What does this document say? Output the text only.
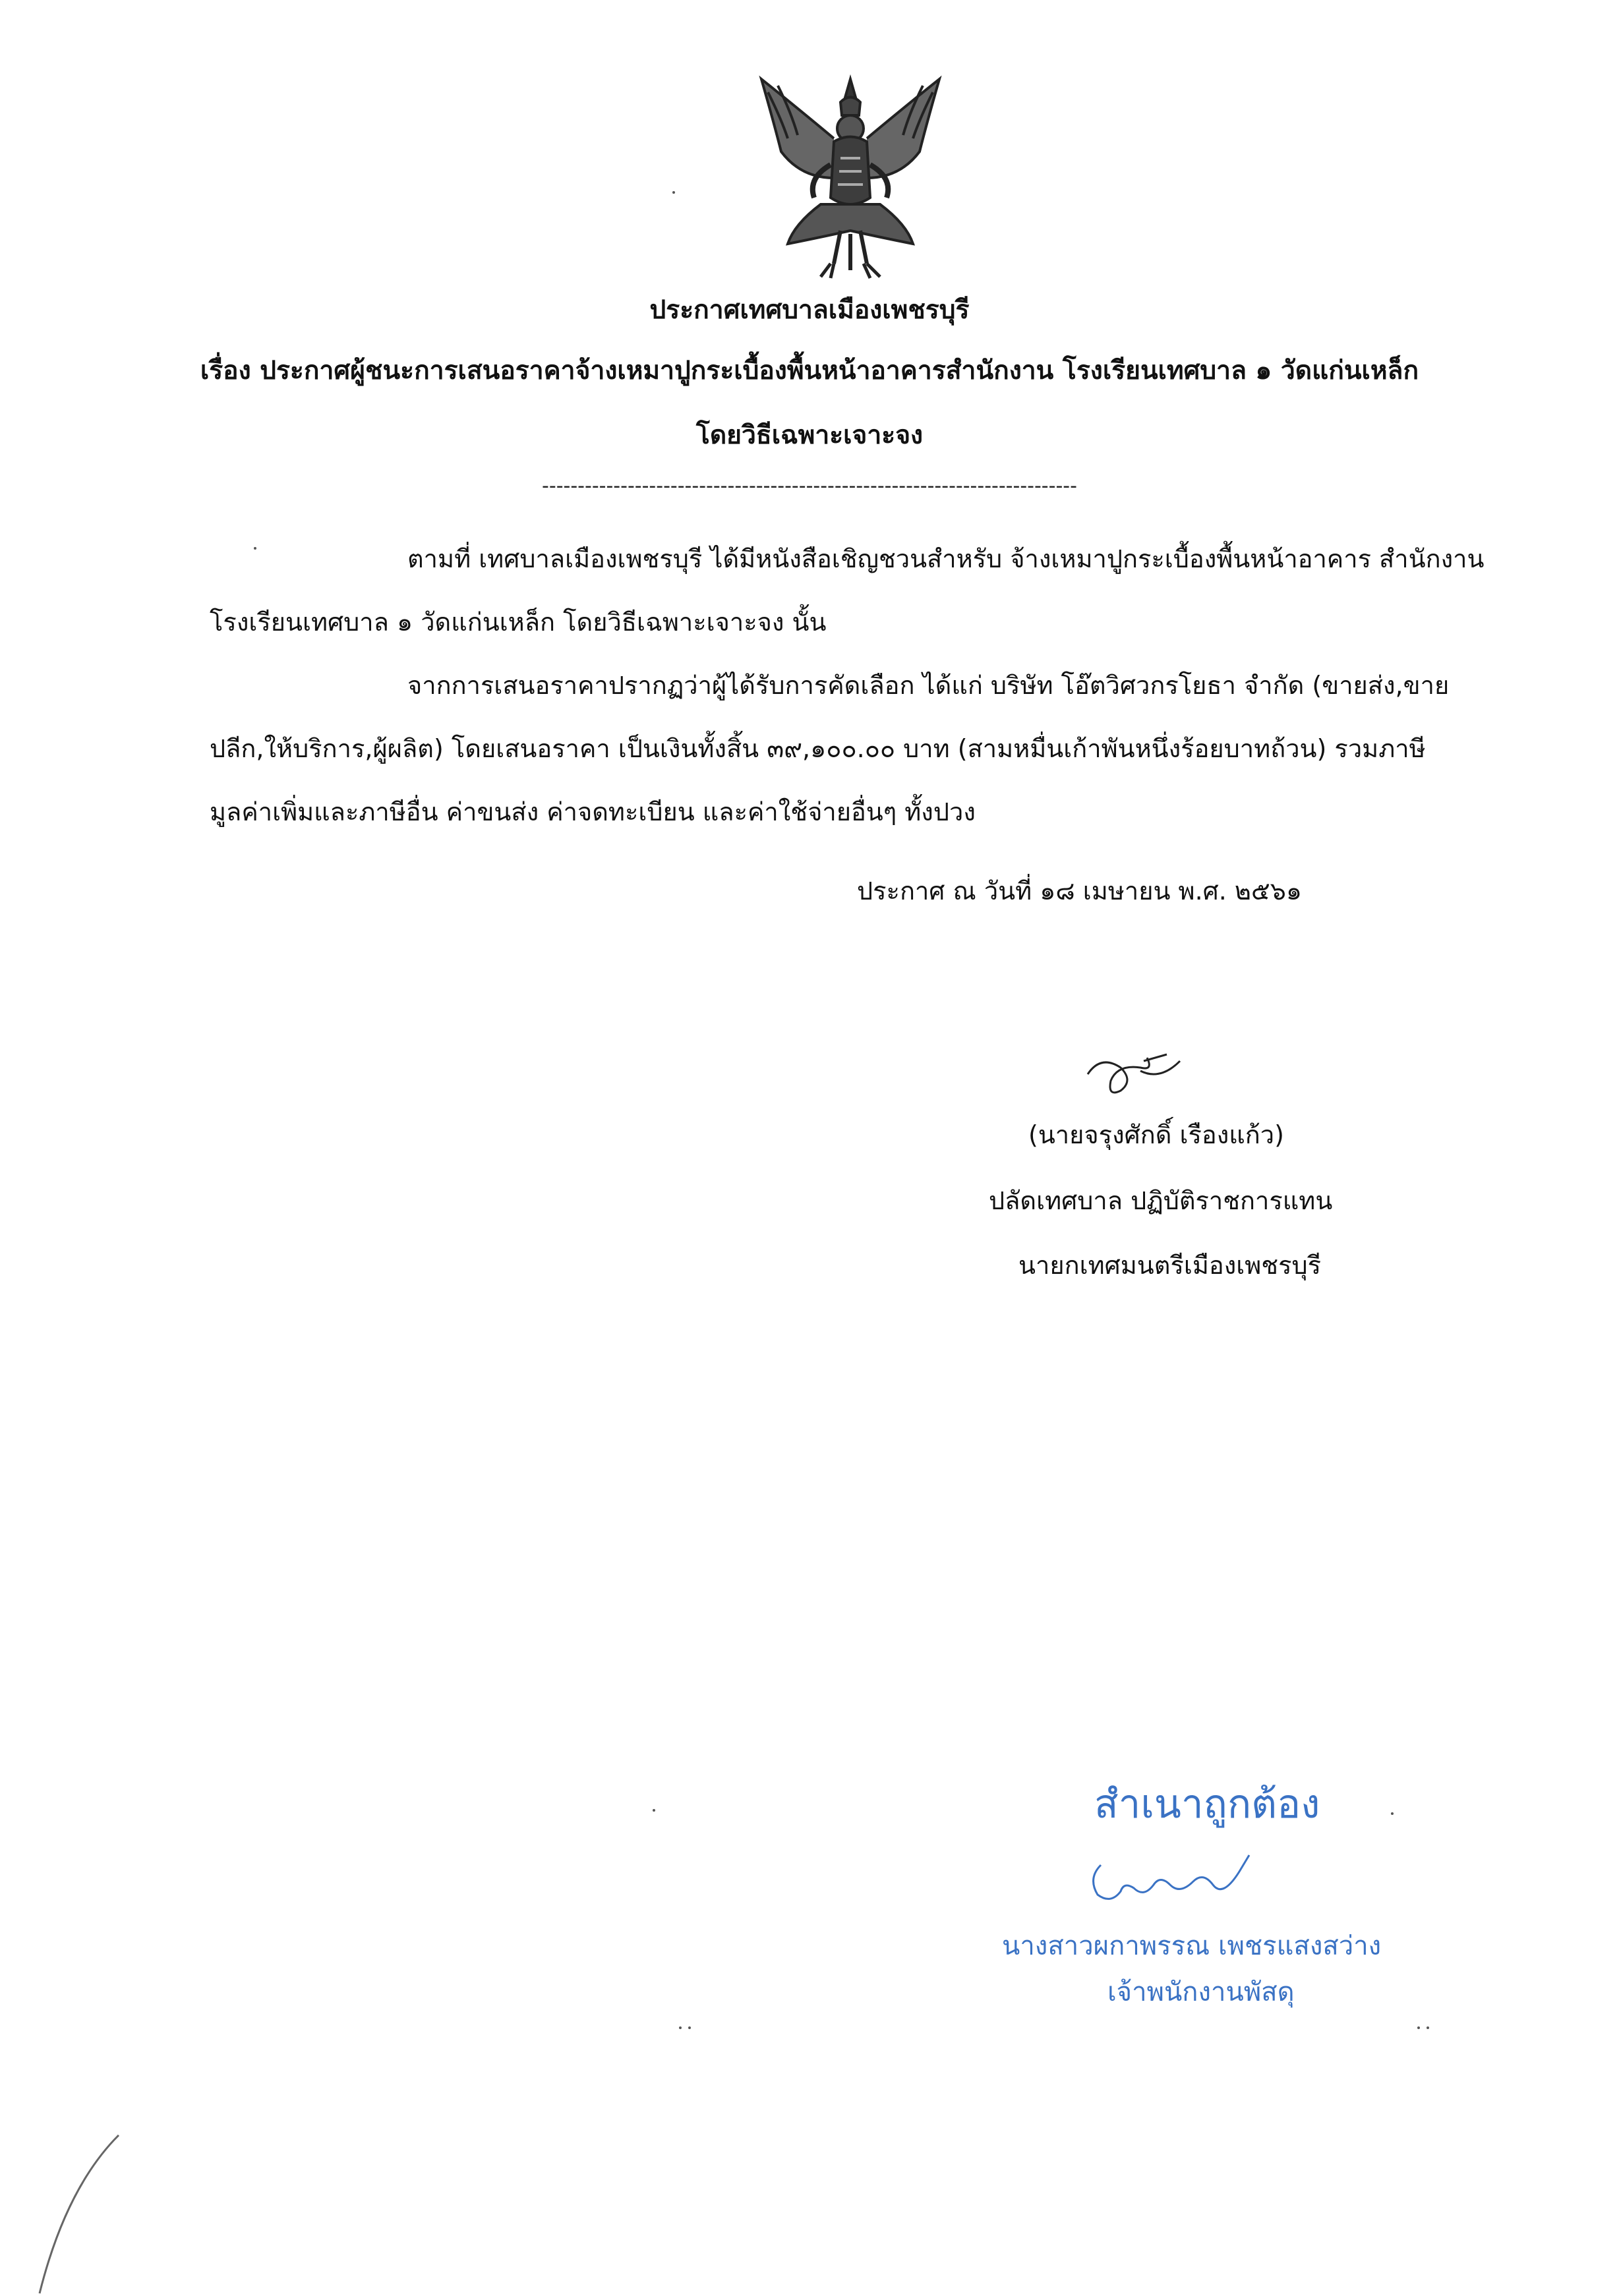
ประกาศเทศบาลเมืองเพชรบุรี
เรื่อง ประกาศผู้ชนะการเสนอราคาจ้างเหมาปูกระเบื้องพื้นหน้าอาคารสำนักงาน โรงเรียนเทศบาล ๑ วัดแก่นเหล็ก
โดยวิธีเฉพาะเจาะจง
---------------------------------------------------------------------------
ตามที่ เทศบาลเมืองเพชรบุรี ได้มีหนังสือเชิญชวนสำหรับ จ้างเหมาปูกระเบื้องพื้นหน้าอาคาร สำนักงาน โรงเรียนเทศบาล ๑ วัดแก่นเหล็ก โดยวิธีเฉพาะเจาะจง นั้น
จากการเสนอราคาปรากฏว่าผู้ได้รับการคัดเลือก ได้แก่ บริษัท โอ๊ตวิศวกรโยธา จำกัด (ขายส่ง,ขาย ปลีก,ให้บริการ,ผู้ผลิต) โดยเสนอราคา เป็นเงินทั้งสิ้น ๓๙,๑๐๐.๐๐ บาท (สามหมื่นเก้าพันหนึ่งร้อยบาทถ้วน) รวมภาษี มูลค่าเพิ่มและภาษีอื่น ค่าขนส่ง ค่าจดทะเบียน และค่าใช้จ่ายอื่นๆ ทั้งปวง
ประกาศ ณ วันที่ ๑๘ เมษายน พ.ศ. ๒๕๖๑
(นายจรุงศักดิ์ เรืองแก้ว)
ปลัดเทศบาล ปฏิบัติราชการแทน
นายกเทศมนตรีเมืองเพชรบุรี
สำเนาถูกต้อง
นางสาวผกาพรรณ เพชรแสงสว่าง
เจ้าพนักงานพัสดุ
